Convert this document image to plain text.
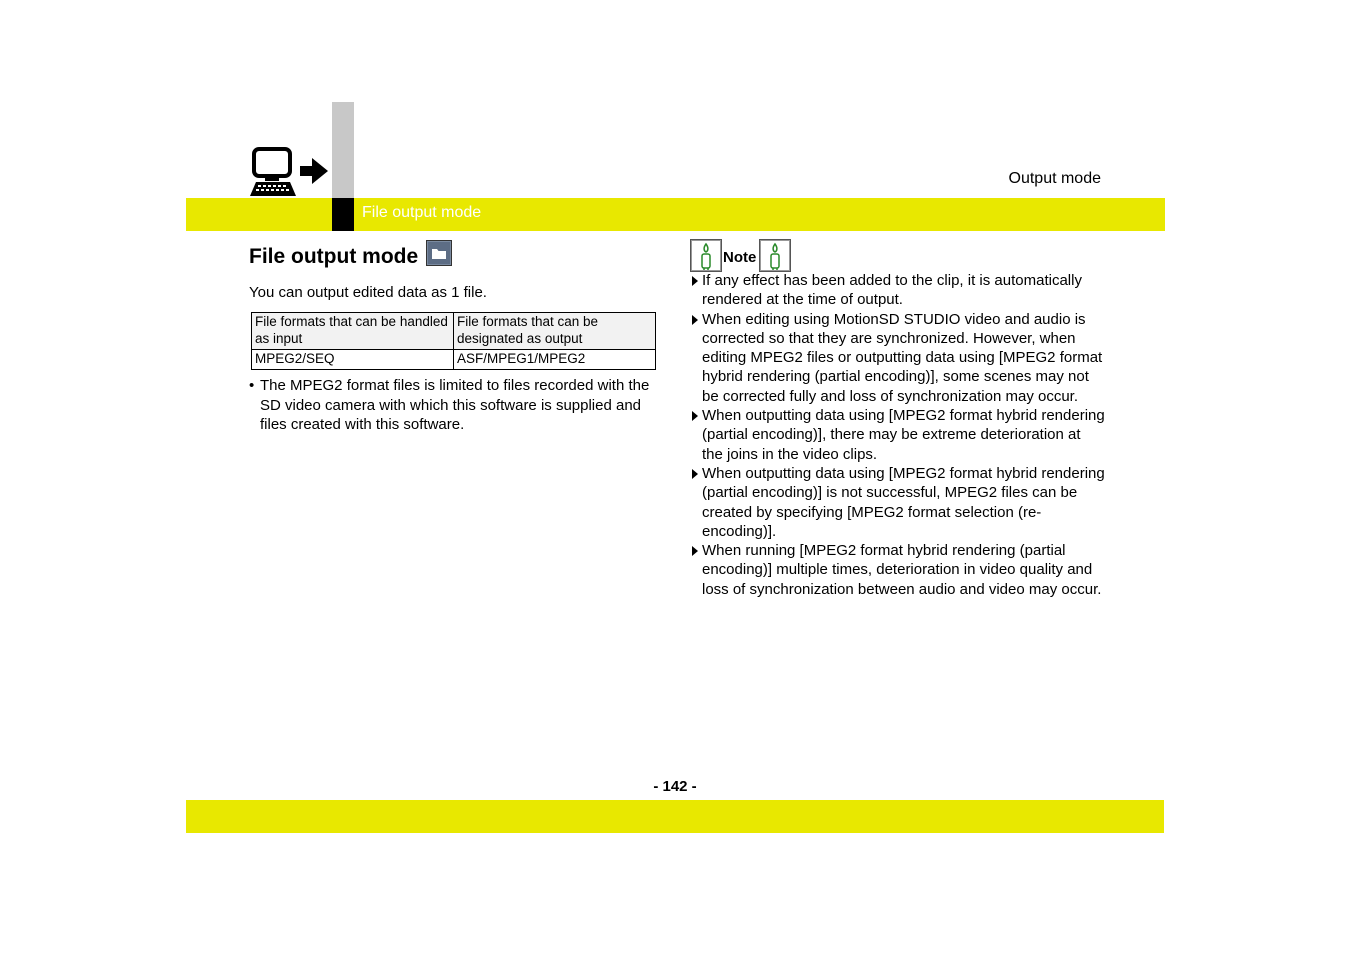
File output mode
Output mode
File output mode
You can output edited data as 1 file.
File formats that can be handled as input	File formats that can be designated as output
MPEG2/SEQ	ASF/MPEG1/MPEG2
• The MPEG2 format files is limited to files recorded with the SD video camera with which this software is supplied and files created with this software.
Note
If any effect has been added to the clip, it is automatically rendered at the time of output.
When editing using MotionSD STUDIO video and audio is corrected so that they are synchronized. However, when editing MPEG2 files or outputting data using [MPEG2 format hybrid rendering (partial encoding)], some scenes may not be corrected fully and loss of synchronization may occur.
When outputting data using [MPEG2 format hybrid rendering (partial encoding)], there may be extreme deterioration at the joins in the video clips.
When outputting data using [MPEG2 format hybrid rendering (partial encoding)] is not successful, MPEG2 files can be created by specifying [MPEG2 format selection (re-encoding)].
When running [MPEG2 format hybrid rendering (partial encoding)] multiple times, deterioration in video quality and loss of synchronization between audio and video may occur.
- 142 -
